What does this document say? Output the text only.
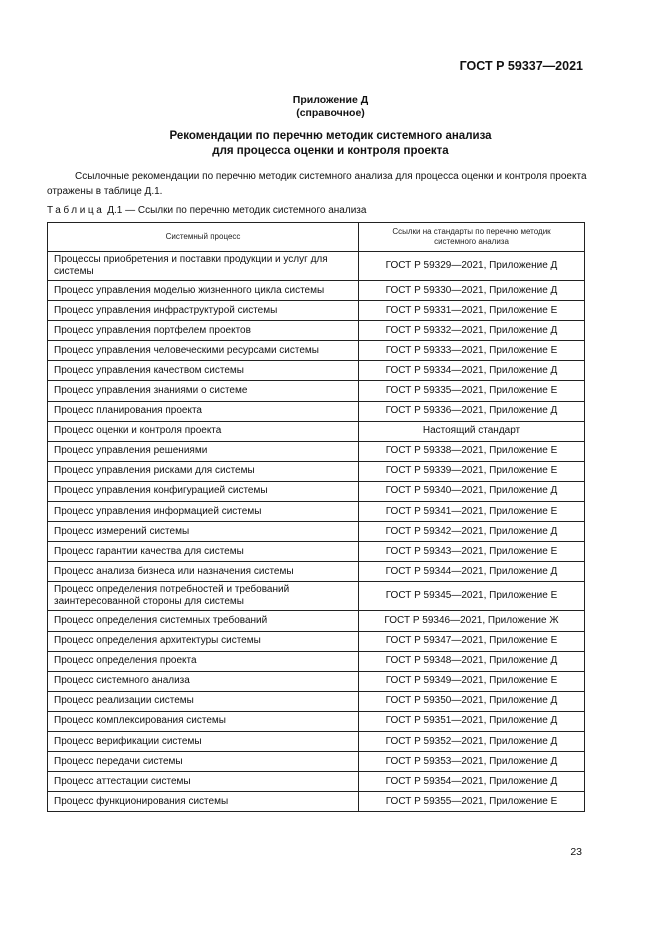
ГОСТ Р 59337—2021
Приложение Д
(справочное)
Рекомендации по перечню методик системного анализа
для процесса оценки и контроля проекта
Ссылочные рекомендации по перечню методик системного анализа для процесса оценки и контроля проекта
отражены в таблице Д.1.
Таблица Д.1 — Ссылки по перечню методик системного анализа
Системный процесс	Ссылки на стандарты по перечню методик
системного анализа

Процессы приобретения и поставки продукции и услуг для системы	ГОСТ Р 59329—2021, Приложение Д
Процесс управления моделью жизненного цикла системы	ГОСТ Р 59330—2021, Приложение Д
Процесс управления инфраструктурой системы	ГОСТ Р 59331—2021, Приложение Е
Процесс управления портфелем проектов	ГОСТ Р 59332—2021, Приложение Д
Процесс управления человеческими ресурсами системы	ГОСТ Р 59333—2021, Приложение Е
Процесс управления качеством системы	ГОСТ Р 59334—2021, Приложение Д
Процесс управления знаниями о системе	ГОСТ Р 59335—2021, Приложение Е
Процесс планирования проекта	ГОСТ Р 59336—2021, Приложение Д
Процесс оценки и контроля проекта	Настоящий стандарт
Процесс управления решениями	ГОСТ Р 59338—2021, Приложение Е
Процесс управления рисками для системы	ГОСТ Р 59339—2021, Приложение Е
Процесс управления конфигурацией системы	ГОСТ Р 59340—2021, Приложение Д
Процесс управления информацией системы	ГОСТ Р 59341—2021, Приложение Е
Процесс измерений системы	ГОСТ Р 59342—2021, Приложение Д
Процесс гарантии качества для системы	ГОСТ Р 59343—2021, Приложение Е
Процесс анализа бизнеса или назначения системы	ГОСТ Р 59344—2021, Приложение Д
Процесс определения потребностей и требований заинтересованной стороны для системы	ГОСТ Р 59345—2021, Приложение Е
Процесс определения системных требований	ГОСТ Р 59346—2021, Приложение Ж
Процесс определения архитектуры системы	ГОСТ Р 59347—2021, Приложение Е
Процесс определения проекта	ГОСТ Р 59348—2021, Приложение Д
Процесс системного анализа	ГОСТ Р 59349—2021, Приложение Е
Процесс реализации системы	ГОСТ Р 59350—2021, Приложение Д
Процесс комплексирования системы	ГОСТ Р 59351—2021, Приложение Д
Процесс верификации системы	ГОСТ Р 59352—2021, Приложение Д
Процесс передачи системы	ГОСТ Р 59353—2021, Приложение Д
Процесс аттестации системы	ГОСТ Р 59354—2021, Приложение Д
Процесс функционирования системы	ГОСТ Р 59355—2021, Приложение Е
23
